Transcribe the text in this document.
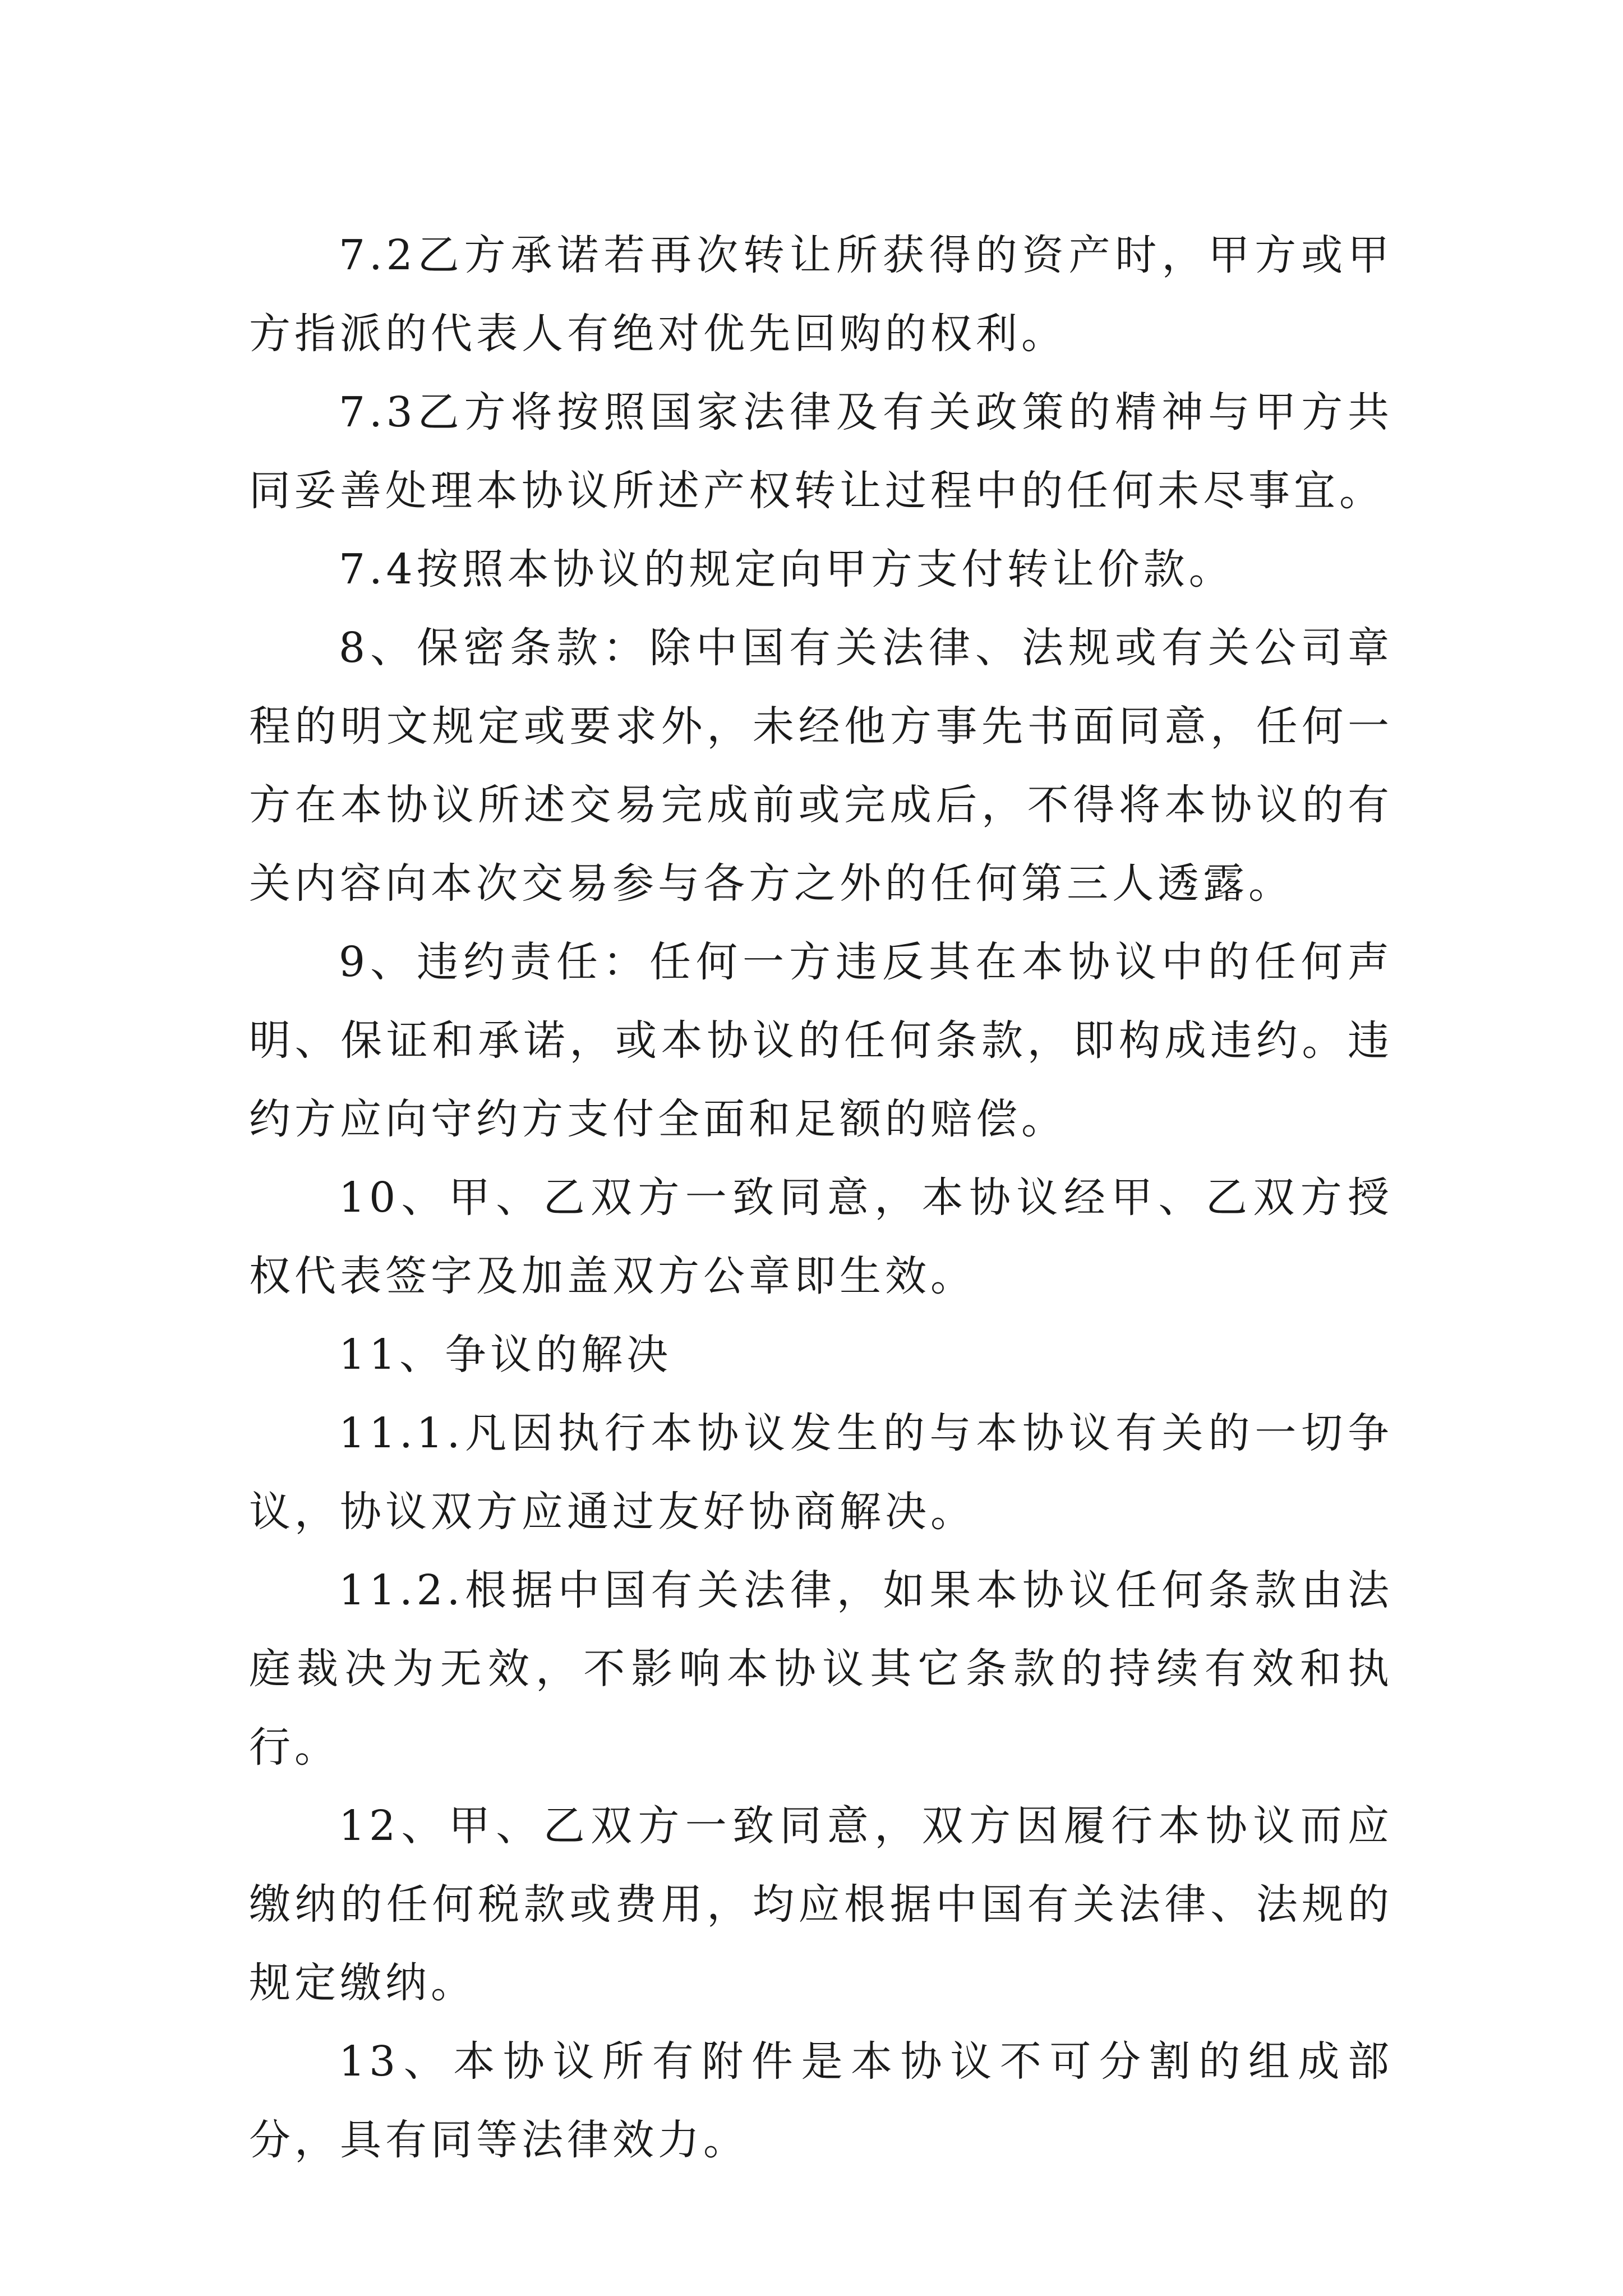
7.2乙方承诺若再次转让所获得的资产时，甲方或甲方指派的代表人有绝对优先回购的权利。

7.3乙方将按照国家法律及有关政策的精神与甲方共同妥善处理本协议所述产权转让过程中的任何未尽事宜。

7.4按照本协议的规定向甲方支付转让价款。

8、保密条款：除中国有关法律、法规或有关公司章程的明文规定或要求外，未经他方事先书面同意，任何一方在本协议所述交易完成前或完成后，不得将本协议的有关内容向本次交易参与各方之外的任何第三人透露。

9、违约责任：任何一方违反其在本协议中的任何声明、保证和承诺，或本协议的任何条款，即构成违约。违约方应向守约方支付全面和足额的赔偿。

10、甲、乙双方一致同意，本协议经甲、乙双方授权代表签字及加盖双方公章即生效。

11、争议的解决

11.1.凡因执行本协议发生的与本协议有关的一切争议，协议双方应通过友好协商解决。

11.2.根据中国有关法律，如果本协议任何条款由法庭裁决为无效，不影响本协议其它条款的持续有效和执行。

12、甲、乙双方一致同意，双方因履行本协议而应缴纳的任何税款或费用，均应根据中国有关法律、法规的规定缴纳。

13、本协议所有附件是本协议不可分割的组成部分，具有同等法律效力。
